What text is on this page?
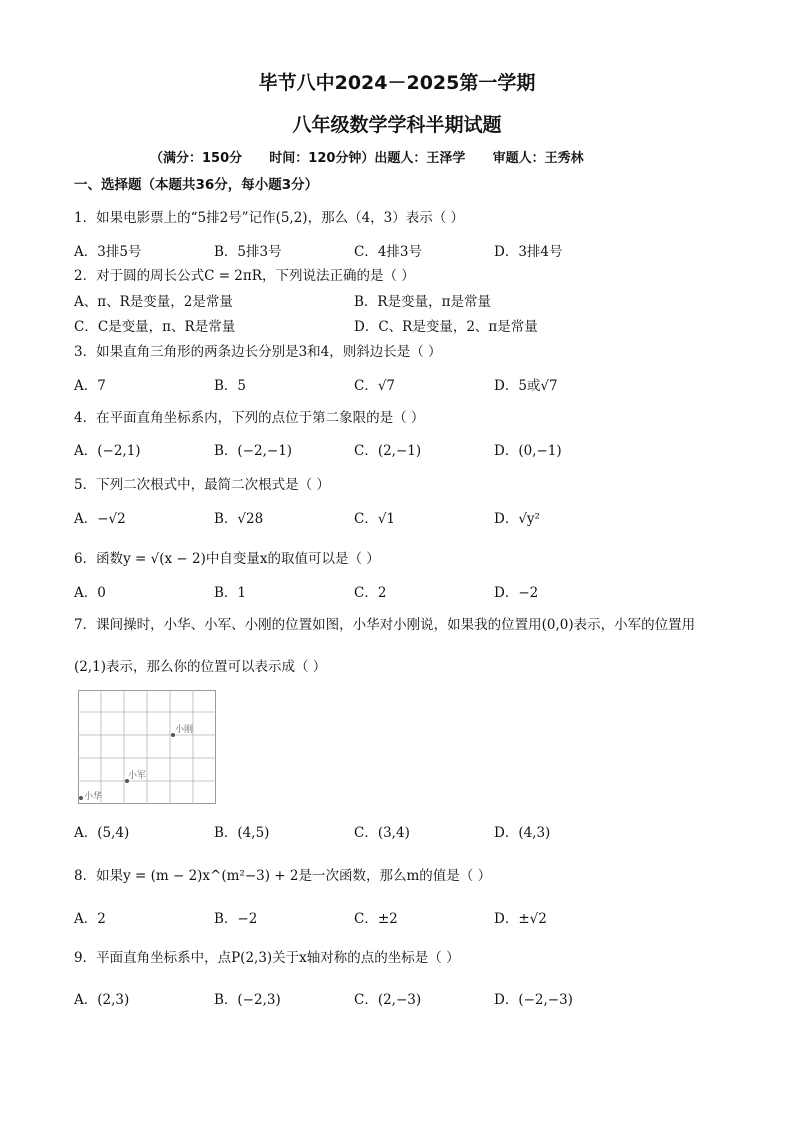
毕节八中2024－2025第一学期
八年级数学学科半期试题
（满分：150分      时间：120分钟）出题人：王泽学      审题人：王秀林
一、选择题（本题共36分，每小题3分）
1．如果电影票上的“5排2号”记作(5,2)，那么（4，3）表示（ ）
A．3排5号	B．5排3号	C．4排3号	D．3排4号
2．对于圆的周长公式C = 2πR，下列说法正确的是（ ）
A、π、R是变量，2是常量	B．R是变量，π是常量
C．C是变量，π、R是常量	D．C、R是变量，2、π是常量
3．如果直角三角形的两条边长分别是3和4，则斜边长是（ ）
A．7	B．5	C．√7	D．5或√7
4．在平面直角坐标系内，下列的点位于第二象限的是（ ）
A．(−2,1)	B．(−2,−1)	C．(2,−1)	D．(0,−1)
5．下列二次根式中，最简二次根式是（ ）
A．−√2	B．√28	C．√1	D．√y²
6．函数y = √(x − 2)中自变量x的取值可以是（ ）
A．0	B．1	C．2	D．−2
7．课间操时，小华、小军、小刚的位置如图，小华对小刚说，如果我的位置用(0,0)表示，小军的位置用
(2,1)表示，那么你的位置可以表示成（ ）
小刚
小军
小华
A．(5,4)	B．(4,5)	C．(3,4)	D．(4,3)
8．如果y = (m − 2)x^(m²−3) + 2是一次函数，那么m的值是（ ）
A．2	B．−2	C．±2	D．±√2
9．平面直角坐标系中，点P(2,3)关于x轴对称的点的坐标是（ ）
A．(2,3)	B．(−2,3)	C．(2,−3)	D．(−2,−3)
